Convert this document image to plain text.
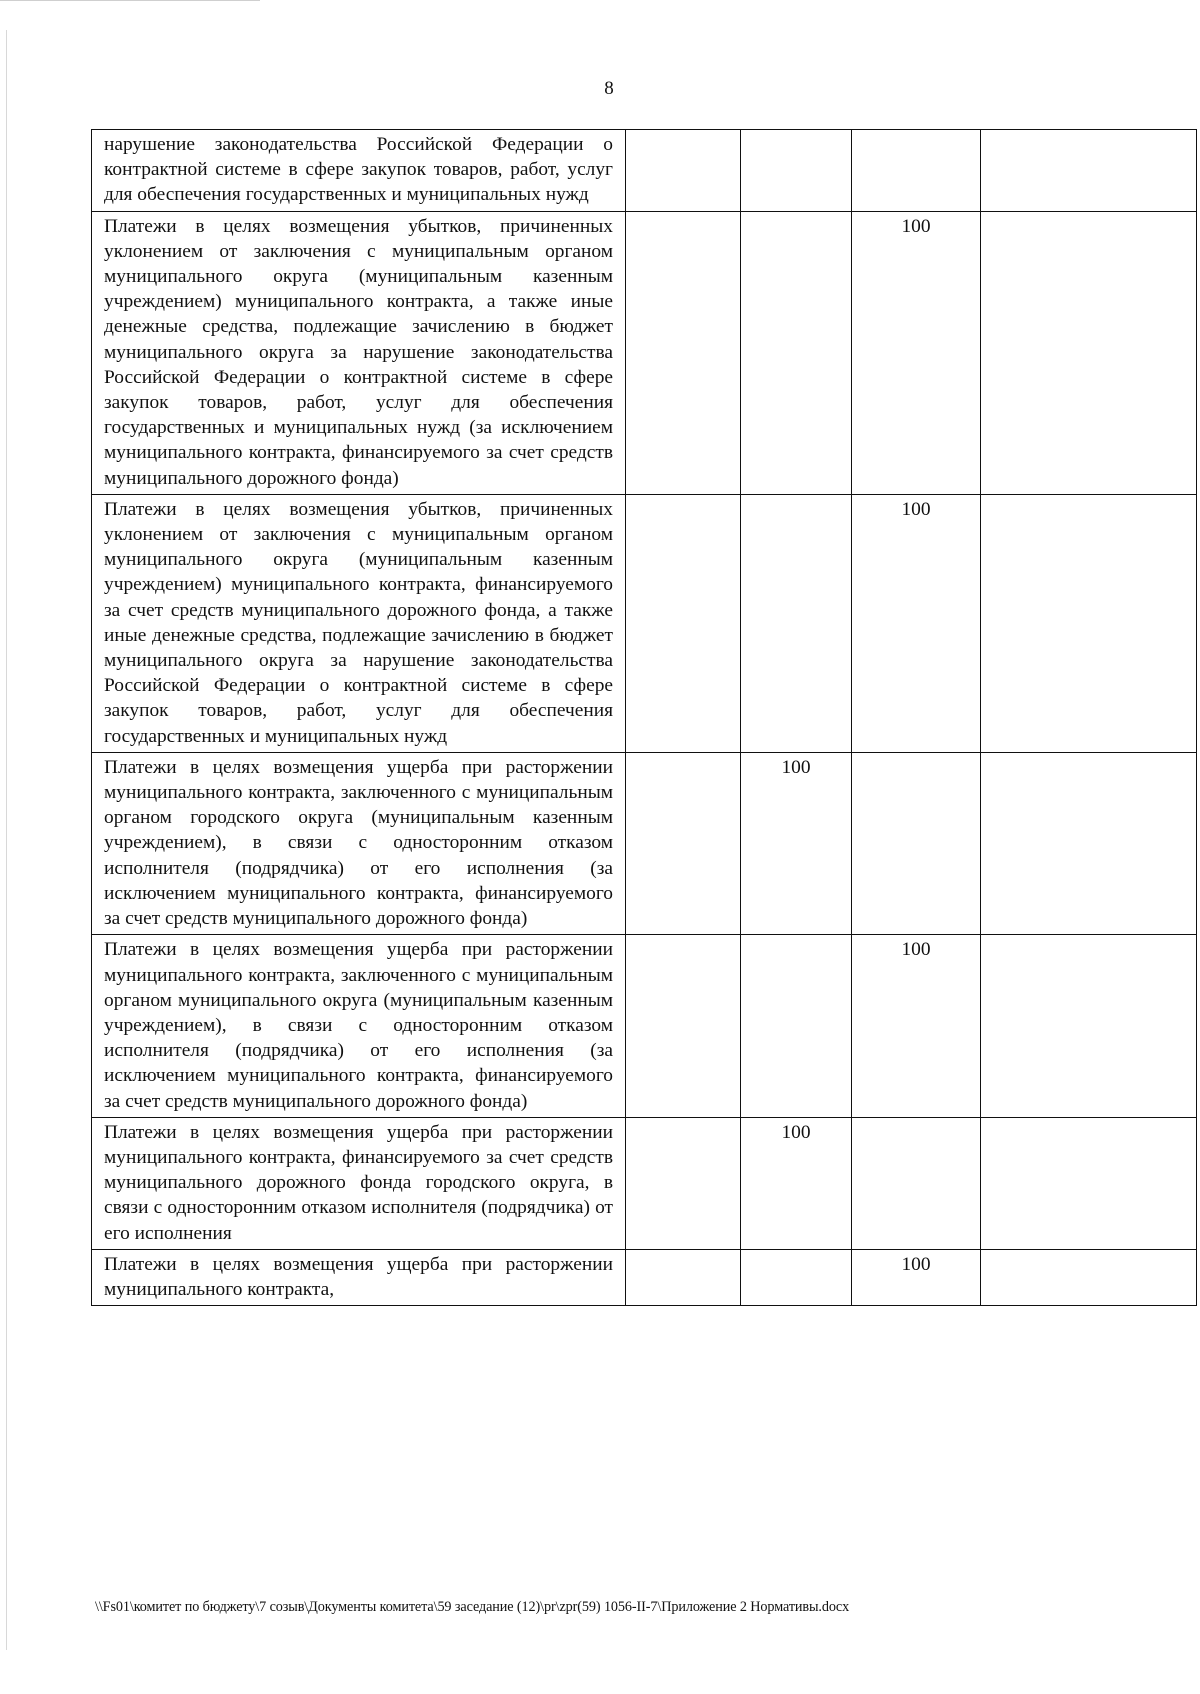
8
нарушение законодательства Российской Федерации о контрактной системе в сфере закупок товаров, работ, услуг для обеспечения государственных и муниципальных нужд				
Платежи в целях возмещения убытков, причиненных уклонением от заключения с муниципальным органом муниципального округа (муниципальным казенным учреждением) муниципального контракта, а также иные денежные средства, подлежащие зачислению в бюджет муниципального округа за нарушение законодательства Российской Федерации о контрактной системе в сфере закупок товаров, работ, услуг для обеспечения государственных и муниципальных нужд (за исключением муниципального контракта, финансируемого за счет средств муниципального дорожного фонда)			100	
Платежи в целях возмещения убытков, причиненных уклонением от заключения с муниципальным органом муниципального округа (муниципальным казенным учреждением) муниципального контракта, финансируемого за счет средств муниципального дорожного фонда, а также иные денежные средства, подлежащие зачислению в бюджет муниципального округа за нарушение законодательства Российской Федерации о контрактной системе в сфере закупок товаров, работ, услуг для обеспечения государственных и муниципальных нужд			100	
Платежи в целях возмещения ущерба при расторжении муниципального контракта, заключенного с муниципальным органом городского округа (муниципальным казенным учреждением), в связи с односторонним отказом исполнителя (подрядчика) от его исполнения (за исключением муниципального контракта, финансируемого за счет средств муниципального дорожного фонда)		100		
Платежи в целях возмещения ущерба при расторжении муниципального контракта, заключенного с муниципальным органом муниципального округа (муниципальным казенным учреждением), в связи с односторонним отказом исполнителя (подрядчика) от его исполнения (за исключением муниципального контракта, финансируемого за счет средств муниципального дорожного фонда)			100	
Платежи в целях возмещения ущерба при расторжении муниципального контракта, финансируемого за счет средств муниципального дорожного фонда городского округа, в связи с односторонним отказом исполнителя (подрядчика) от его исполнения		100		
Платежи в целях возмещения ущерба при расторжении муниципального контракта,			100	
\\Fs01\комитет по бюджету\7 созыв\Документы комитета\59 заседание (12)\pr\zpr(59) 1056-II-7\Приложение 2 Нормативы.docx
